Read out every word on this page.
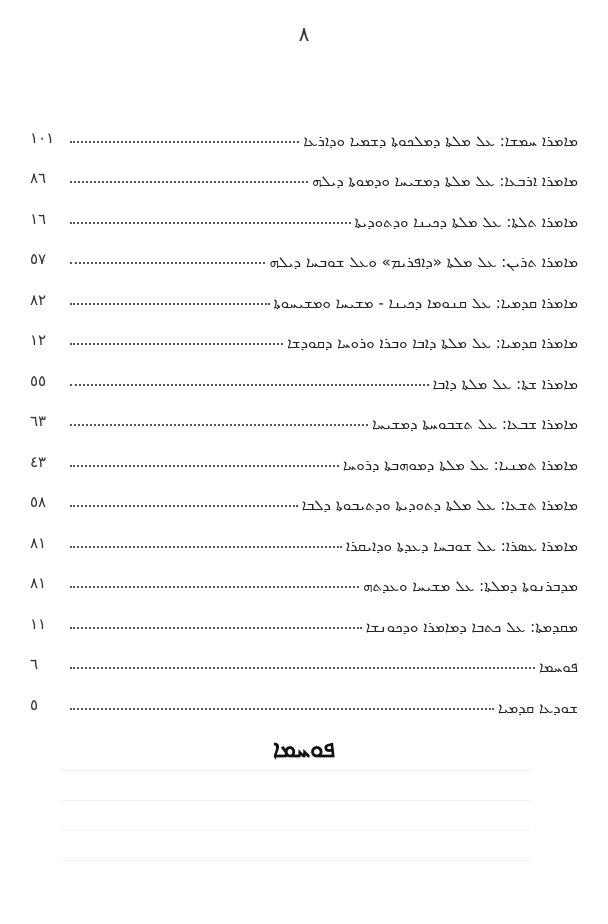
٨
١٠١	ܡܐܡܪܐ ܚܡܫܐ: ܥܠ ܡܠܬܐ ܕܡܠܟܘܬܐ ܕܫܡܝܐ ܘܕܐܪܥܐ
٨٦	ܡܐܡܪܐ ܐܪܒܥܐ: ܥܠ ܡܠܬܐ ܕܡܫܝܚܐ ܘܕܡܘܬܐ ܕܝܠܗ
١٦	ܡܐܡܪܐ ܬܠܬܐ: ܥܠ ܡܠܬܐ ܕܟܝܢܐ ܘܕܬܘܕܝܬܐ
٥٧	ܡܐܡܪܐ ܬܪܝܢ: ܥܠ ܡܠܬܐ «ܕܐܦܪܝܡ» ܘܥܠ ܫܘܒܚܐ ܕܝܠܗ
٨٢	ܡܐܡܪܐ ܩܕܡܝܐ: ܥܠ ܩܢܘܡܐ ܕܟܝܢܐ - ܡܫܝܚܐ ܘܡܫܝܚܘܬܐ
١٢	ܡܐܡܪܐ ܩܕܡܝܐ: ܥܠ ܡܠܬܐ ܕܐܒܐ ܘܒܪܐ ܘܪܘܚܐ ܕܩܘܕܫܐ
٥٥	ܡܐܡܪܐ ܫܬܐ: ܥܠ ܡܠܬܐ ܕܐܒܐ
٦٣	ܡܐܡܪܐ ܫܒܥܐ: ܥܠ ܬܫܒܘܚܬܐ ܕܡܫܝܚܐ
٤٣	ܡܐܡܪܐ ܬܡܢܝܐ: ܥܠ ܡܠܬܐ ܕܡܘܗܒܬܐ ܕܪܘܚܐ
٥٨	ܡܐܡܪܐ ܬܫܥܐ: ܥܠ ܡܠܬܐ ܕܬܘܕܝܬܐ ܘܕܬܝܒܘܬܐ ܕܠܒܐ
٨١	ܡܐܡܪܐ ܥܣܪܐ: ܥܠ ܫܘܒܚܐ ܕܥܕܬܐ ܘܕܐܝܩܪܐ
٨١	ܡܕܒܪܢܘܬܐ ܕܡܠܬܐ: ܥܠ ܡܫܝܚܐ ܘܥܕܬܗ
١١	ܡܩܕܡܬܐ: ܥܠ ܟܬܒܐ ܕܡܐܡܪܐ ܘܕܟܘܢܫܐ
٦	ܦܘܚܡܐ
٥	ܫܘܕܥܐ ܩܕܡܝܐ
ܦܘܚܡܐ
